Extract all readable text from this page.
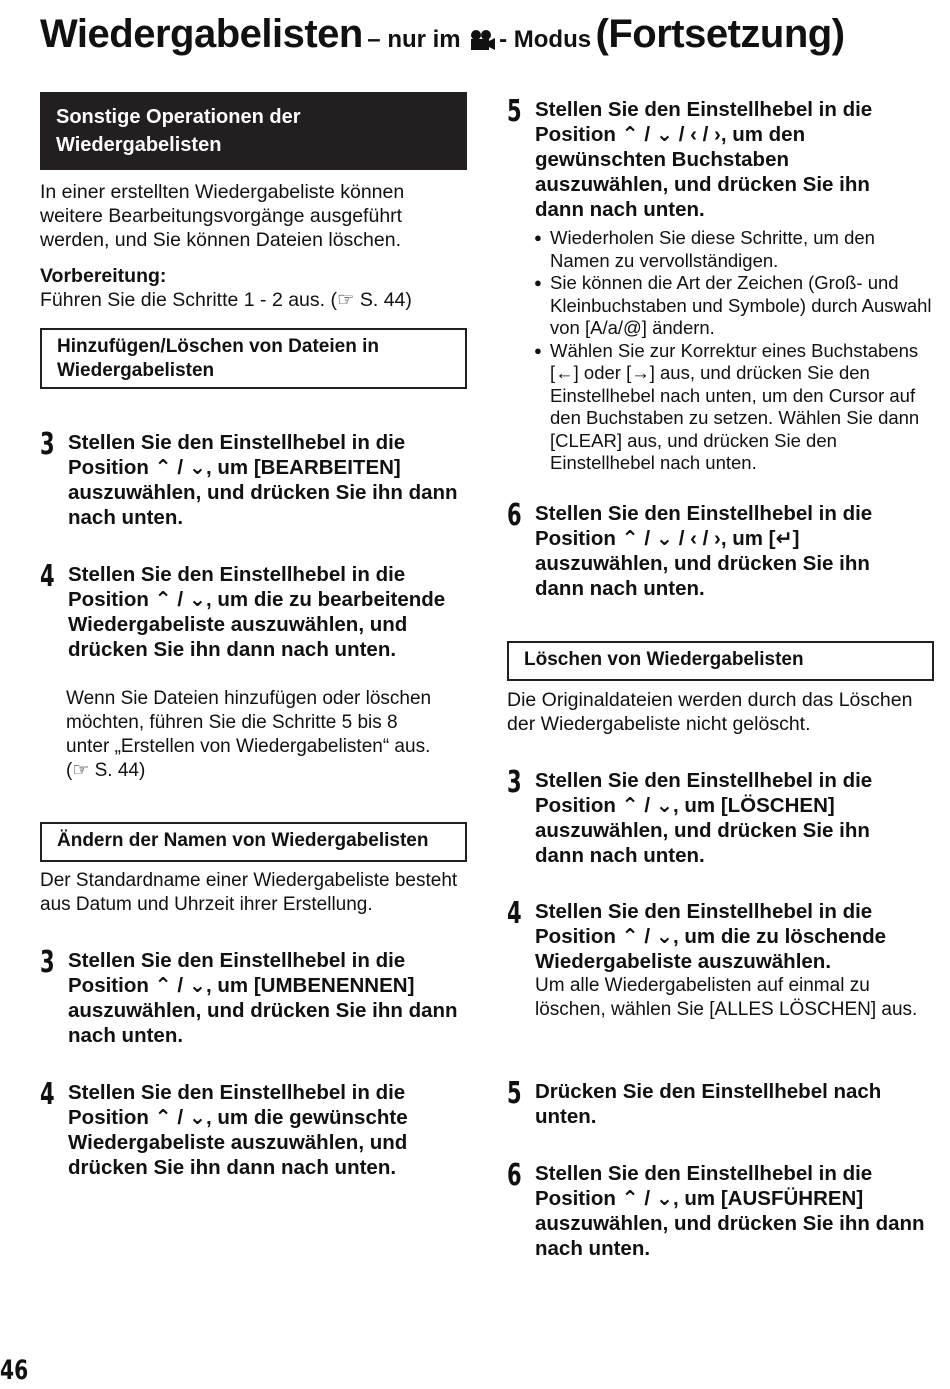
Wiedergabelisten – nur im - Modus (Fortsetzung)
Sonstige Operationen der Wiedergabelisten
In einer erstellten Wiedergabeliste können weitere Bearbeitungsvorgänge ausgeführt werden, und Sie können Dateien löschen.
Vorbereitung:
Führen Sie die Schritte 1 - 2 aus. (☞ S. 44)
Hinzufügen/Löschen von Dateien in Wiedergabelisten
3 Stellen Sie den Einstellhebel in die Position ⌃ / ⌄, um [BEARBEITEN] auszuwählen, und drücken Sie ihn dann nach unten.
4 Stellen Sie den Einstellhebel in die Position ⌃ / ⌄, um die zu bearbeitende Wiedergabeliste auszuwählen, und drücken Sie ihn dann nach unten.
Wenn Sie Dateien hinzufügen oder löschen möchten, führen Sie die Schritte 5 bis 8 unter „Erstellen von Wiedergabelisten“ aus. (☞ S. 44)
Ändern der Namen von Wiedergabelisten
Der Standardname einer Wiedergabeliste besteht aus Datum und Uhrzeit ihrer Erstellung.
3 Stellen Sie den Einstellhebel in die Position ⌃ / ⌄, um [UMBENENNEN] auszuwählen, und drücken Sie ihn dann nach unten.
4 Stellen Sie den Einstellhebel in die Position ⌃ / ⌄, um die gewünschte Wiedergabeliste auszuwählen, und drücken Sie ihn dann nach unten.
5 Stellen Sie den Einstellhebel in die Position ⌃ / ⌄ / ‹ / ›, um den gewünschten Buchstaben auszuwählen, und drücken Sie ihn dann nach unten.
● Wiederholen Sie diese Schritte, um den Namen zu vervollständigen.
● Sie können die Art der Zeichen (Groß- und Kleinbuchstaben und Symbole) durch Auswahl von [A/a/@] ändern.
● Wählen Sie zur Korrektur eines Buchstabens [←] oder [→] aus, und drücken Sie den Einstellhebel nach unten, um den Cursor auf den Buchstaben zu setzen. Wählen Sie dann [CLEAR] aus, und drücken Sie den Einstellhebel nach unten.
6 Stellen Sie den Einstellhebel in die Position ⌃ / ⌄ / ‹ / ›, um [↵] auszuwählen, und drücken Sie ihn dann nach unten.
Löschen von Wiedergabelisten
Die Originaldateien werden durch das Löschen der Wiedergabeliste nicht gelöscht.
3 Stellen Sie den Einstellhebel in die Position ⌃ / ⌄, um [LÖSCHEN] auszuwählen, und drücken Sie ihn dann nach unten.
4 Stellen Sie den Einstellhebel in die Position ⌃ / ⌄, um die zu löschende Wiedergabeliste auszuwählen.
Um alle Wiedergabelisten auf einmal zu löschen, wählen Sie [ALLES LÖSCHEN] aus.
5 Drücken Sie den Einstellhebel nach unten.
6 Stellen Sie den Einstellhebel in die Position ⌃ / ⌄, um [AUSFÜHREN] auszuwählen, und drücken Sie ihn dann nach unten.
46
